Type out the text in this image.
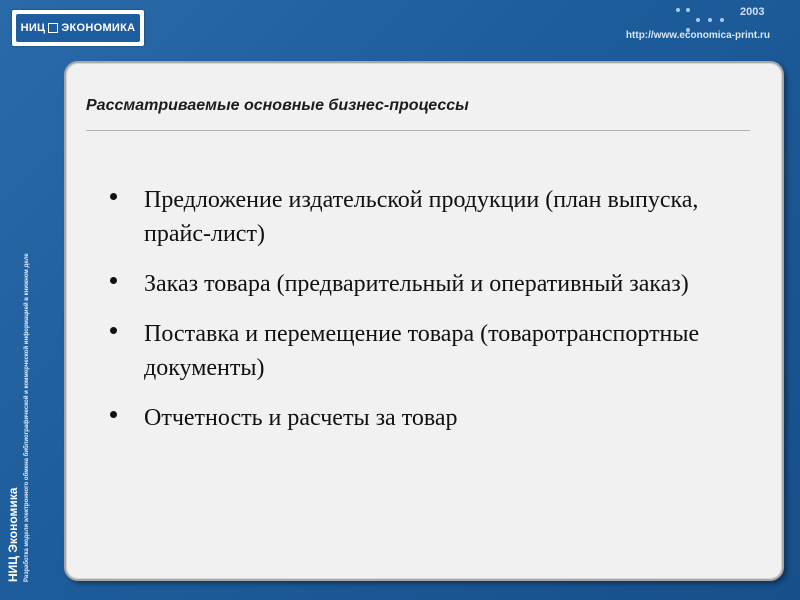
НИЦ ЭКОНОМИКА
2003
http://www.economica-print.ru
НИЦ Экономика Разработка модели электронного обмена библиографической и коммерческой информацией в книжном деле
Рассматриваемые основные бизнес-процессы
Предложение издательской продукции (план выпуска, прайс-лист)
Заказ товара (предварительный и оперативный заказ)
Поставка и перемещение товара (товаротранспортные документы)
Отчетность и расчеты за товар
